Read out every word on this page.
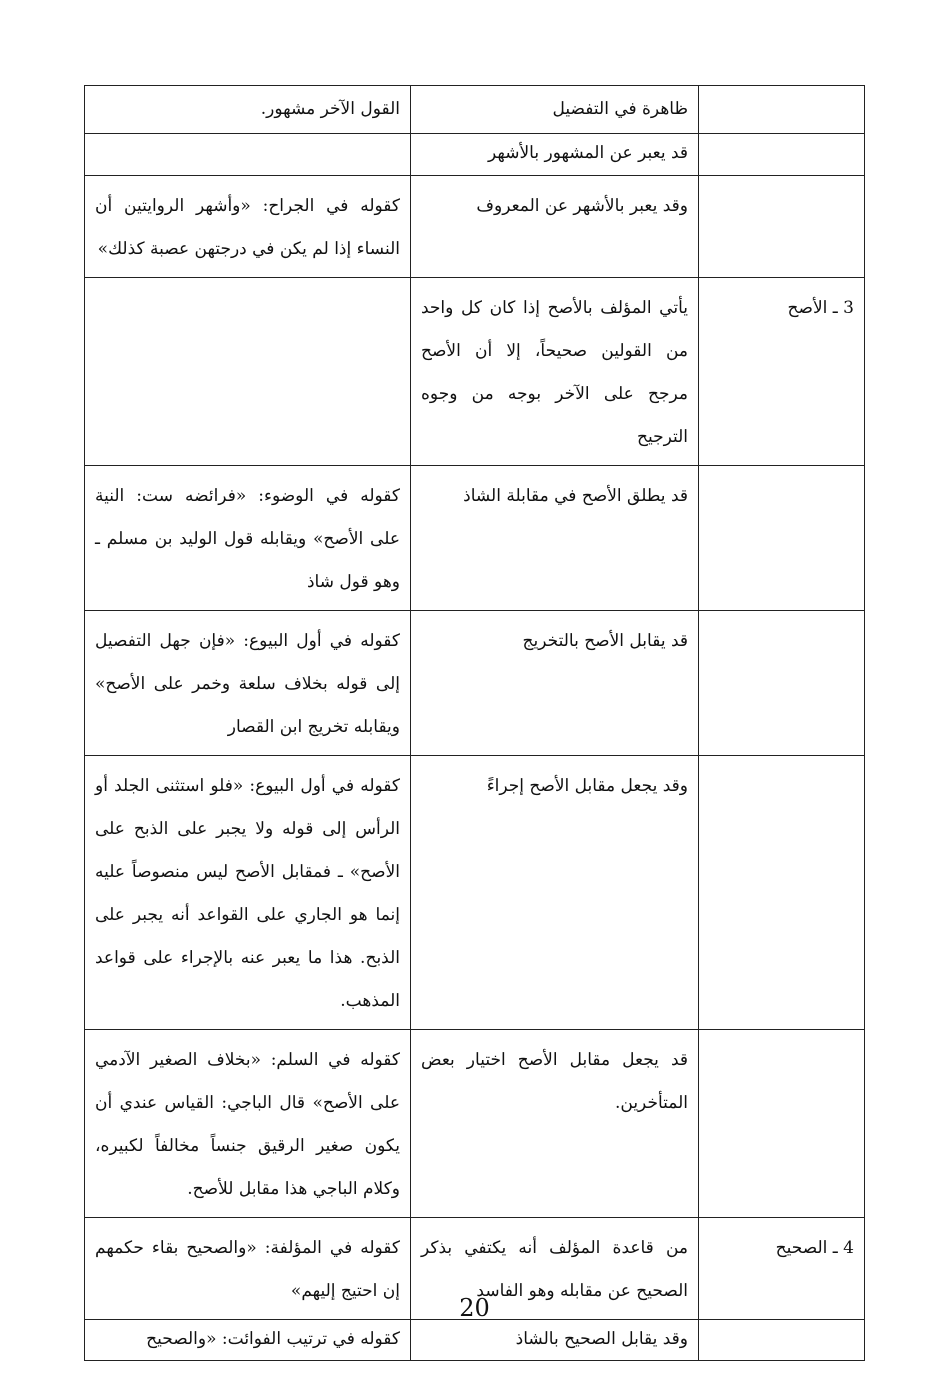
	ظاهرة في التفضيل	القول الآخر مشهور.
	قد يعبر عن المشهور بالأشهر	
	وقد يعبر بالأشهر عن المعروف	كقوله في الجراح: «وأشهر الروايتين أن النساء إذا لم يكن في درجتهن عصبة كذلك»
3 ـ الأصح	يأتي المؤلف بالأصح إذا كان كل واحد من القولين صحيحاً، إلا أن الأصح مرجح على الآخر بوجه من وجوه الترجيح	
	قد يطلق الأصح في مقابلة الشاذ	كقوله في الوضوء: «فرائضه ست: النية على الأصح» ويقابله قول الوليد بن مسلم ـ وهو قول شاذ
	قد يقابل الأصح بالتخريج	كقوله في أول البيوع: «فإن جهل التفصيل إلى قوله بخلاف سلعة وخمر على الأصح» ويقابله تخريج ابن القصار
	وقد يجعل مقابل الأصح إجراءً	كقوله في أول البيوع: «فلو استثنى الجلد أو الرأس إلى قوله ولا يجبر على الذبح على الأصح» ـ فمقابل الأصح ليس منصوصاً عليه إنما هو الجاري على القواعد أنه يجبر على الذبح. هذا ما يعبر عنه بالإجراء على قواعد المذهب.
	قد يجعل مقابل الأصح اختيار بعض المتأخرين.	كقوله في السلم: «بخلاف الصغير الآدمي على الأصح» قال الباجي: القياس عندي أن يكون صغير الرقيق جنساً مخالفاً لكبيره، وكلام الباجي هذا مقابل للأصح.
4 ـ الصحيح	من قاعدة المؤلف أنه يكتفي بذكر الصحيح عن مقابله وهو الفاسد	كقوله في المؤلفة: «والصحيح بقاء حكمهم إن احتيج إليهم»
	وقد يقابل الصحيح بالشاذ	كقوله في ترتيب الفوائت: «والصحيح
20
